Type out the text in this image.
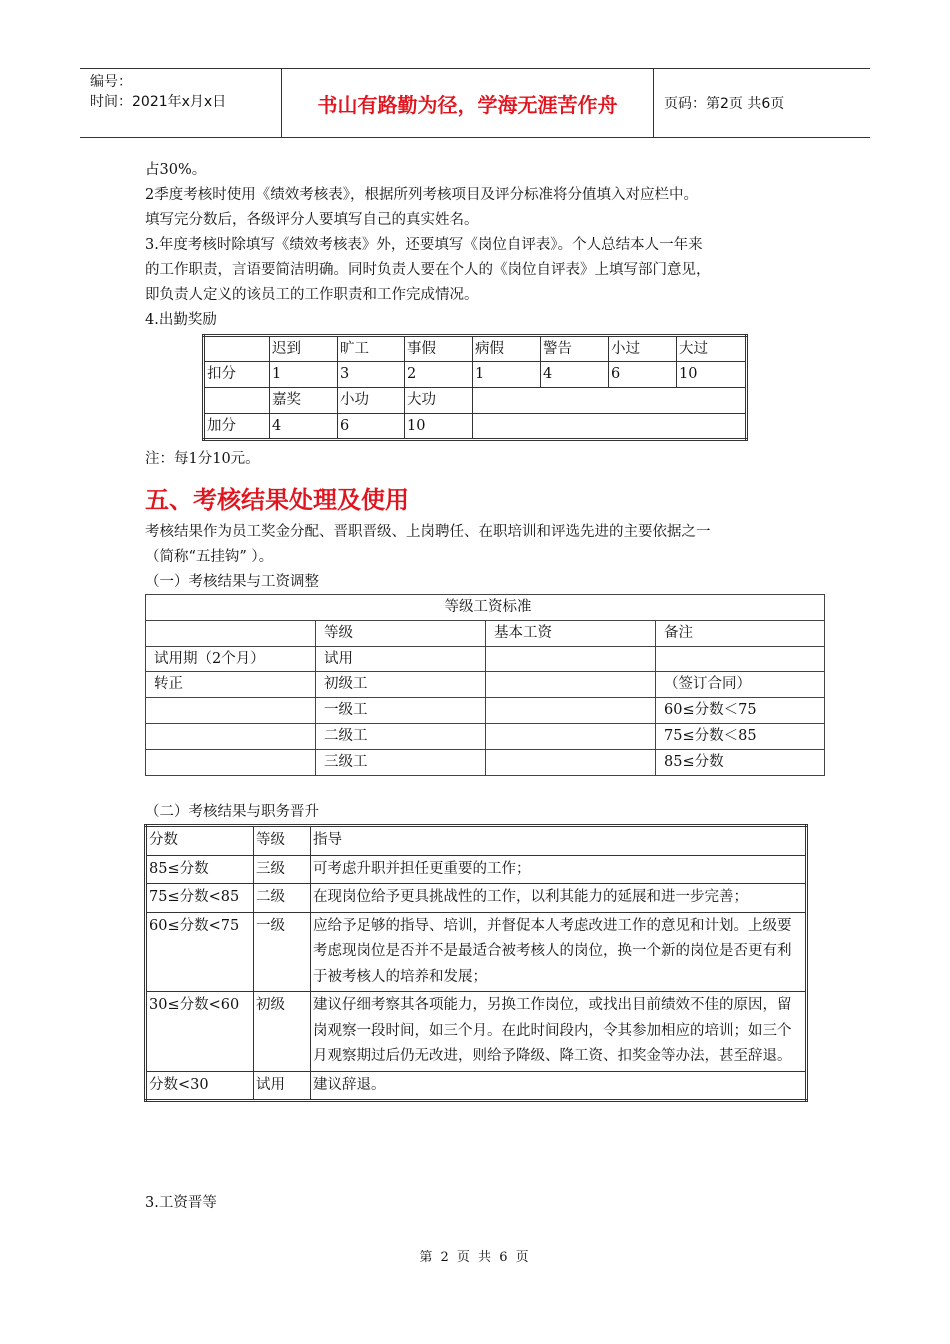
编号：
时间：2021年x月x日	书山有路勤为径，学海无涯苦作舟	页码：第2页 共6页
占30%。
2季度考核时使用《绩效考核表》，根据所列考核项目及评分标准将分值填入对应栏中。
填写完分数后，各级评分人要填写自己的真实姓名。
3.年度考核时除填写《绩效考核表》外，还要填写《岗位自评表》。个人总结本人一年来
的工作职责，言语要简洁明确。同时负责人要在个人的《岗位自评表》上填写部门意见，
即负责人定义的该员工的工作职责和工作完成情况。
4.出勤奖励
	迟到	旷工	事假	病假	警告	小过	大过
扣分	1	3	2	1	4	6	10
	嘉奖	小功	大功				
加分	4	6	10				
注：每1分10元。
五、考核结果处理及使用
考核结果作为员工奖金分配、晋职晋级、上岗聘任、在职培训和评选先进的主要依据之一
（简称“五挂钩” ）。
（一）考核结果与工资调整
等级工资标准			
	等级	基本工资	备注
试用期（2个月）	试用		
转正	初级工		（签订合同）
	一级工		60≤分数＜75
	二级工		75≤分数＜85
	三级工		85≤分数
（二）考核结果与职务晋升
分数	等级	指导
85≤分数	三级	可考虑升职并担任更重要的工作；
75≤分数<85	二级	在现岗位给予更具挑战性的工作，以利其能力的延展和进一步完善；
60≤分数<75	一级	应给予足够的指导、培训，并督促本人考虑改进工作的意见和计划。上级要考虑现岗位是否并不是最适合被考核人的岗位，换一个新的岗位是否更有利于被考核人的培养和发展；
30≤分数<60	初级	建议仔细考察其各项能力，另换工作岗位，或找出目前绩效不佳的原因，留岗观察一段时间，如三个月。在此时间段内，令其参加相应的培训；如三个月观察期过后仍无改进，则给予降级、降工资、扣奖金等办法，甚至辞退。
分数<30	试用	建议辞退。
3.工资晋等
第 2 页 共 6 页
